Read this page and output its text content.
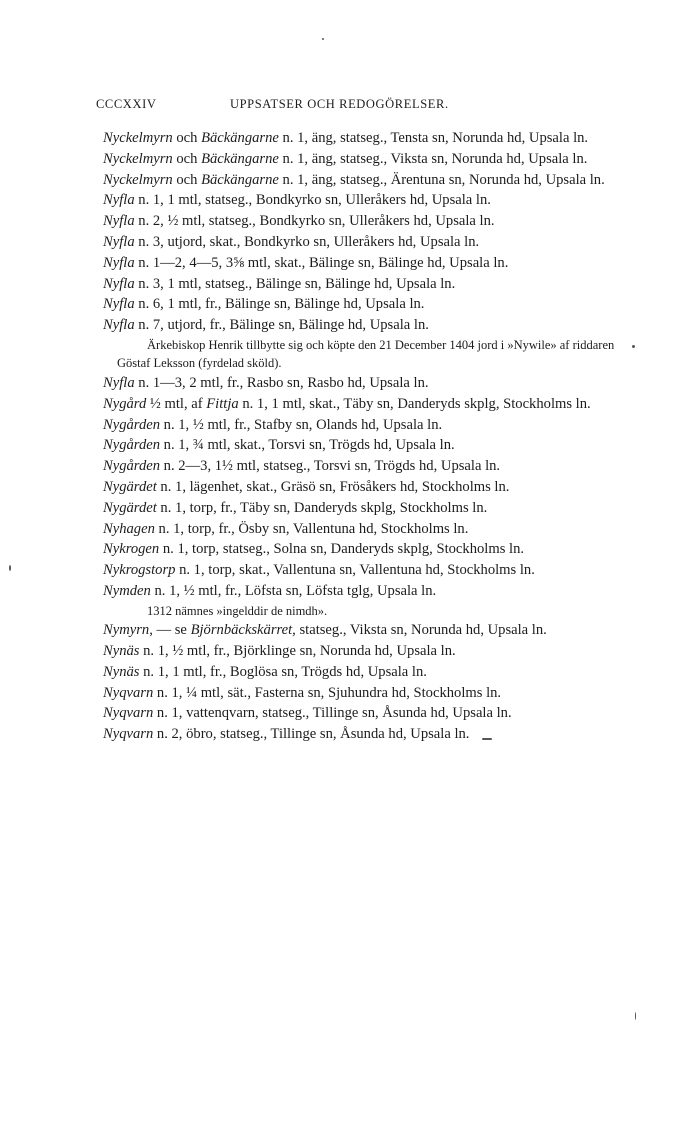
CCCXXIV	UPPSATSER OCH REDOGÖRELSER.

Nyckelmyrn och Bäckängarne n. 1, äng, statseg., Tensta sn, Norunda hd, Upsala ln.

Nyckelmyrn och Bäckängarne n. 1, äng, statseg., Viksta sn, Norunda hd, Upsala ln.

Nyckelmyrn och Bäckängarne n. 1, äng, statseg., Ärentuna sn, Norunda hd, Upsala ln.

Nyfla n. 1, 1 mtl, statseg., Bondkyrko sn, Ulleråkers hd, Upsala ln.

Nyfla n. 2, ½ mtl, statseg., Bondkyrko sn, Ulleråkers hd, Upsala ln.

Nyfla n. 3, utjord, skat., Bondkyrko sn, Ulleråkers hd, Upsala ln.

Nyfla n. 1—2, 4—5, 3⅝ mtl, skat., Bälinge sn, Bälinge hd, Upsala ln.

Nyfla n. 3, 1 mtl, statseg., Bälinge sn, Bälinge hd, Upsala ln.

Nyfla n. 6, 1 mtl, fr., Bälinge sn, Bälinge hd, Upsala ln.

Nyfla n. 7, utjord, fr., Bälinge sn, Bälinge hd, Upsala ln.

Ärkebiskop Henrik tillbytte sig och köpte den 21 December 1404 jord i »Nywile» af riddaren Göstaf Leksson (fyrdelad sköld).

Nyfla n. 1—3, 2 mtl, fr., Rasbo sn, Rasbo hd, Upsala ln.

Nygård ½ mtl, af Fittja n. 1, 1 mtl, skat., Täby sn, Danderyds skplg, Stockholms ln.

Nygården n. 1, ½ mtl, fr., Stafby sn, Olands hd, Upsala ln.

Nygården n. 1, ¾ mtl, skat., Torsvi sn, Trögds hd, Upsala ln.

Nygården n. 2—3, 1½ mtl, statseg., Torsvi sn, Trögds hd, Upsala ln.

Nygärdet n. 1, lägenhet, skat., Gräsö sn, Frösåkers hd, Stockholms ln.

Nygärdet n. 1, torp, fr., Täby sn, Danderyds skplg, Stockholms ln.

Nyhagen n. 1, torp, fr., Ösby sn, Vallentuna hd, Stockholms ln.

Nykrogen n. 1, torp, statseg., Solna sn, Danderyds skplg, Stockholms ln.

Nykrogstorp n. 1, torp, skat., Vallentuna sn, Vallentuna hd, Stockholms ln.

Nymden n. 1, ½ mtl, fr., Löfsta sn, Löfsta tglg, Upsala ln.

1312 nämnes »ingelddir de nimdh».

Nymyrn, — se Björnbäckskärret, statseg., Viksta sn, Norunda hd, Upsala ln.

Nynäs n. 1, ½ mtl, fr., Björklinge sn, Norunda hd, Upsala ln.

Nynäs n. 1, 1 mtl, fr., Boglösa sn, Trögds hd, Upsala ln.

Nyqvarn n. 1, ¼ mtl, sät., Fasterna sn, Sjuhundra hd, Stockholms ln.

Nyqvarn n. 1, vattenqvarn, statseg., Tillinge sn, Åsunda hd, Upsala ln.

Nyqvarn n. 2, öbro, statseg., Tillinge sn, Åsunda hd, Upsala ln.
